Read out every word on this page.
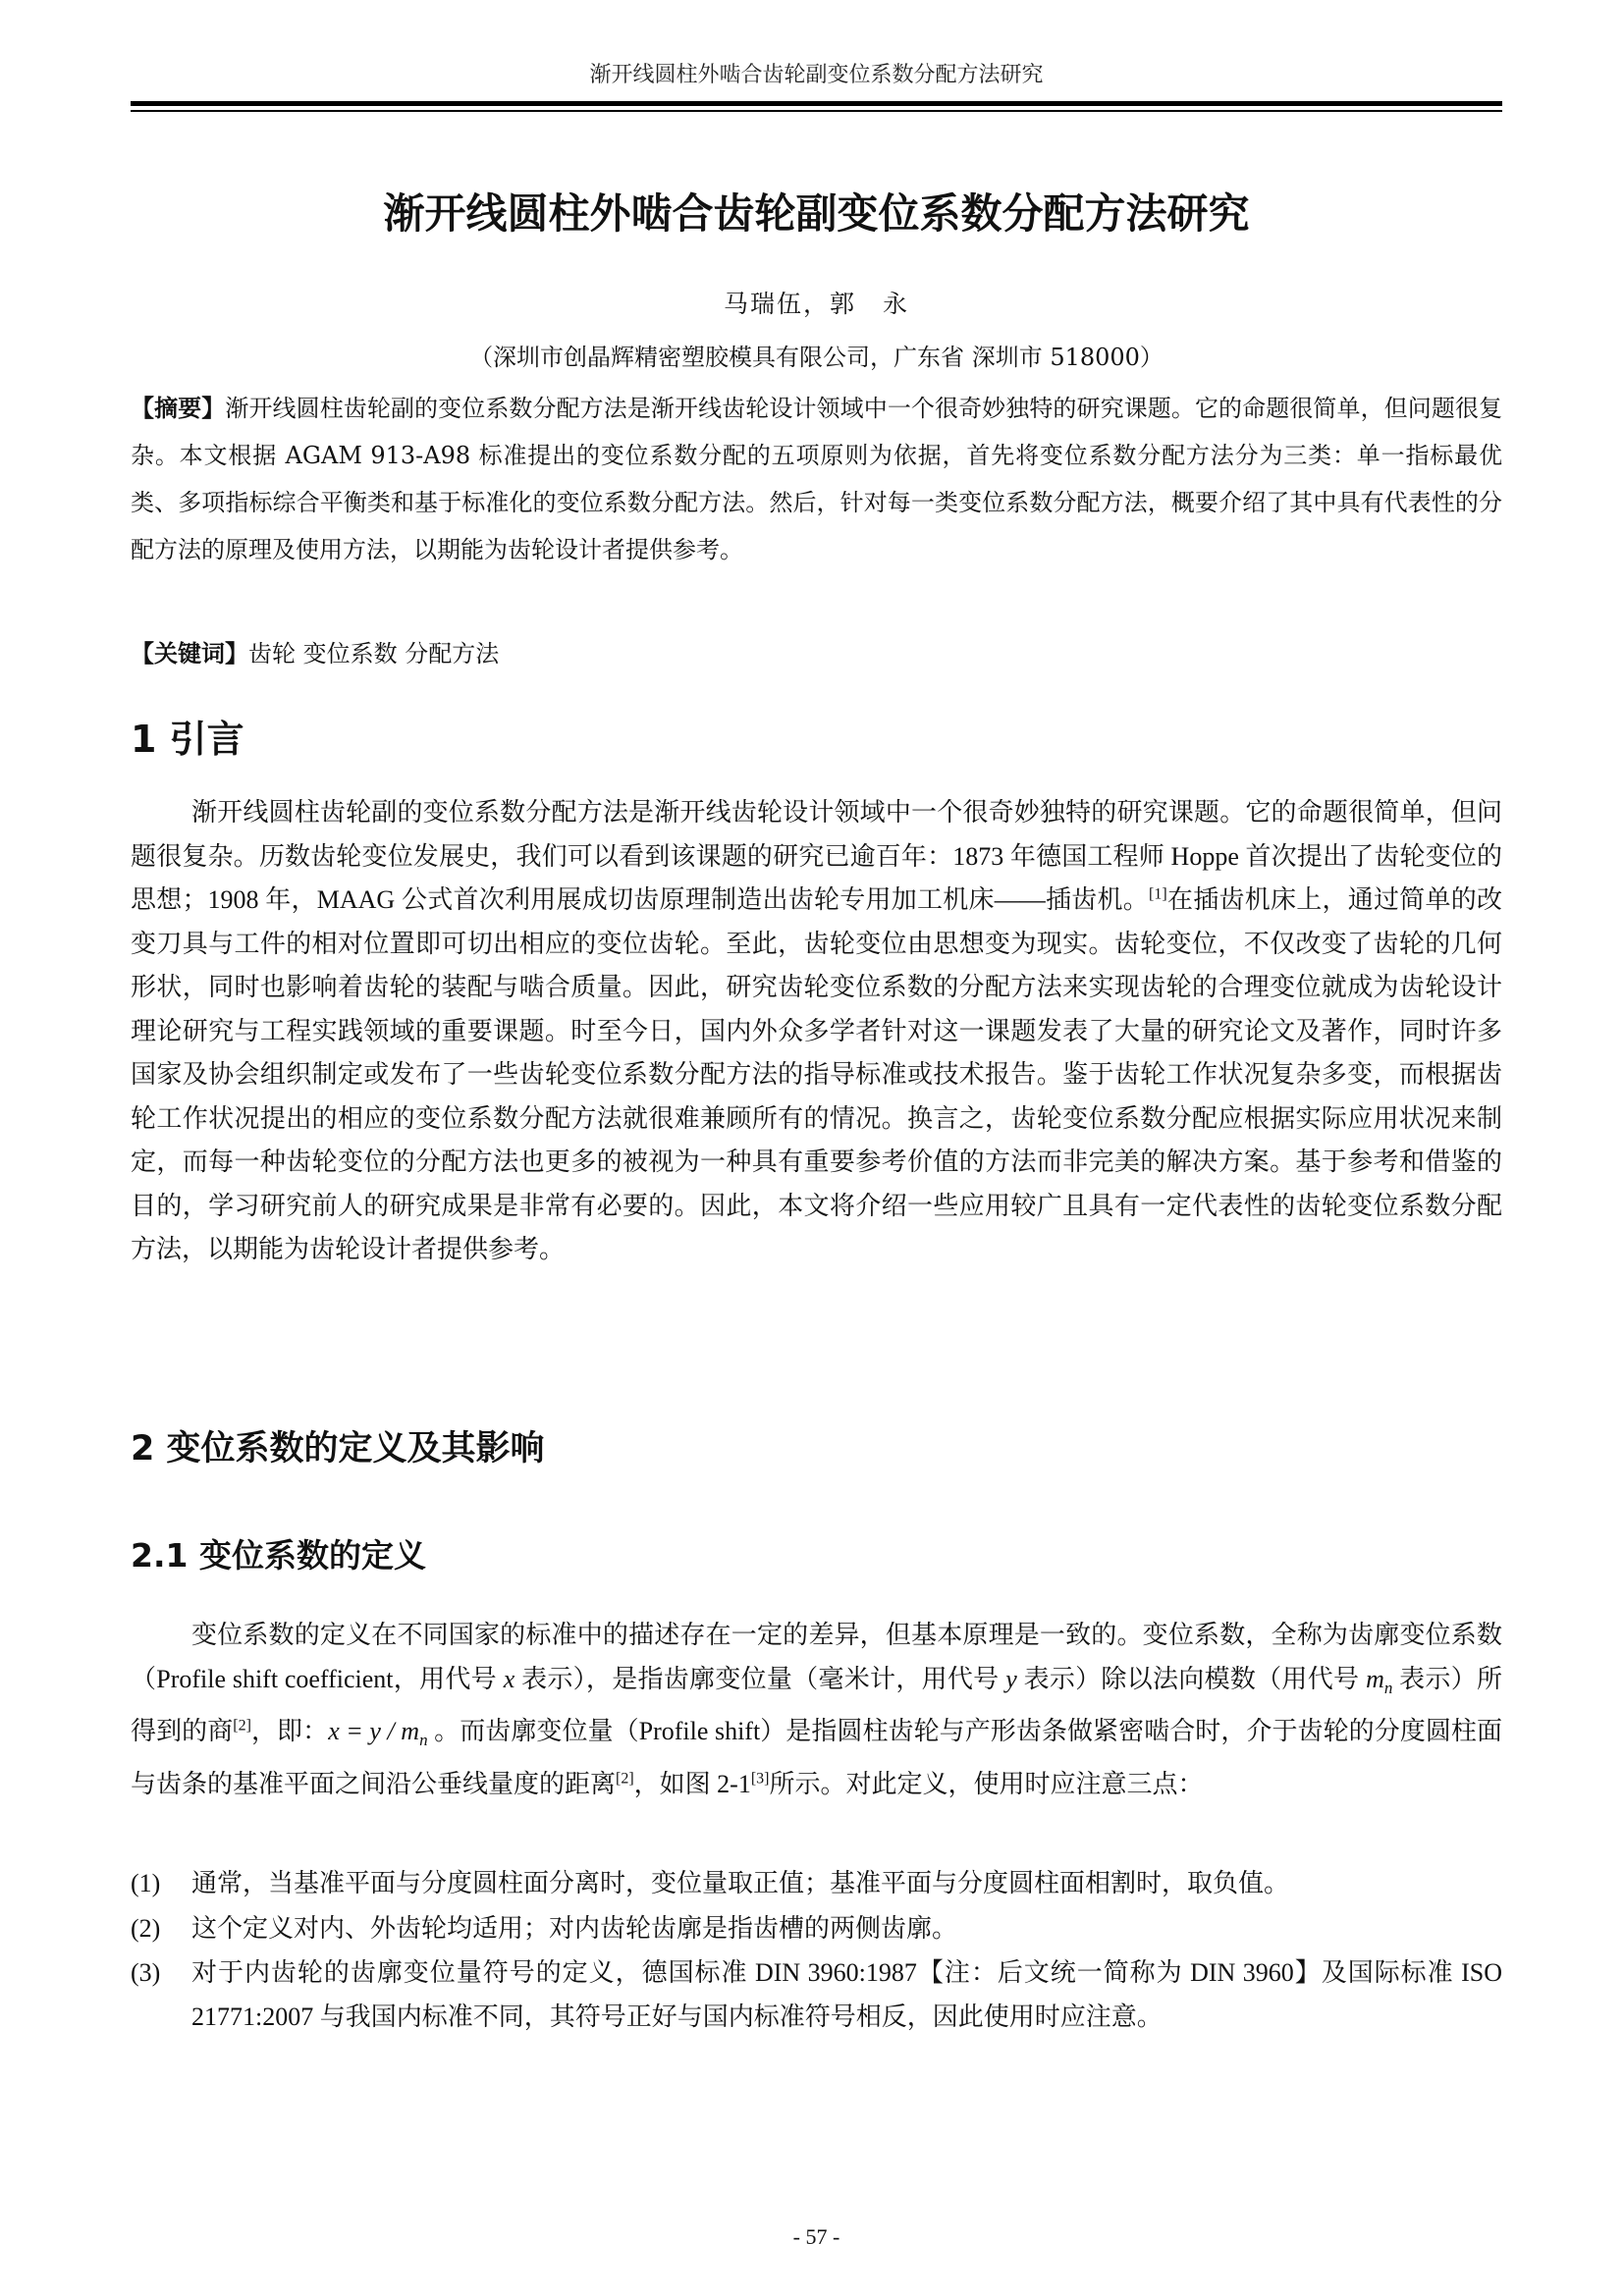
渐开线圆柱外啮合齿轮副变位系数分配方法研究
渐开线圆柱外啮合齿轮副变位系数分配方法研究
马瑞伍，郭　永
（深圳市创晶辉精密塑胶模具有限公司，广东省 深圳市 518000）

【摘要】渐开线圆柱齿轮副的变位系数分配方法是渐开线齿轮设计领域中一个很奇妙独特的研究课题。它的命题很简单，但问题很复杂。本文根据 AGAM 913-A98 标准提出的变位系数分配的五项原则为依据，首先将变位系数分配方法分为三类：单一指标最优类、多项指标综合平衡类和基于标准化的变位系数分配方法。然后，针对每一类变位系数分配方法，概要介绍了其中具有代表性的分配方法的原理及使用方法，以期能为齿轮设计者提供参考。

【关键词】齿轮 变位系数 分配方法

1 引言

渐开线圆柱齿轮副的变位系数分配方法是渐开线齿轮设计领域中一个很奇妙独特的研究课题。它的命题很简单，但问题很复杂。历数齿轮变位发展史，我们可以看到该课题的研究已逾百年：1873 年德国工程师 Hoppe 首次提出了齿轮变位的思想；1908 年，MAAG 公式首次利用展成切齿原理制造出齿轮专用加工机床——插齿机。[1]在插齿机床上，通过简单的改变刀具与工件的相对位置即可切出相应的变位齿轮。至此，齿轮变位由思想变为现实。齿轮变位，不仅改变了齿轮的几何形状，同时也影响着齿轮的装配与啮合质量。因此，研究齿轮变位系数的分配方法来实现齿轮的合理变位就成为齿轮设计理论研究与工程实践领域的重要课题。时至今日，国内外众多学者针对这一课题发表了大量的研究论文及著作，同时许多国家及协会组织制定或发布了一些齿轮变位系数分配方法的指导标准或技术报告。鉴于齿轮工作状况复杂多变，而根据齿轮工作状况提出的相应的变位系数分配方法就很难兼顾所有的情况。换言之，齿轮变位系数分配应根据实际应用状况来制定，而每一种齿轮变位的分配方法也更多的被视为一种具有重要参考价值的方法而非完美的解决方案。基于参考和借鉴的目的，学习研究前人的研究成果是非常有必要的。因此，本文将介绍一些应用较广且具有一定代表性的齿轮变位系数分配方法，以期能为齿轮设计者提供参考。

2 变位系数的定义及其影响
2.1 变位系数的定义

变位系数的定义在不同国家的标准中的描述存在一定的差异，但基本原理是一致的。变位系数，全称为齿廓变位系数（Profile shift coefficient，用代号 x 表示），是指齿廓变位量（毫米计，用代号 y 表示）除以法向模数（用代号 $m_n$ 表示）所得到的商[2]，即：$x = y / m_n$ 。而齿廓变位量（Profile shift）是指圆柱齿轮与产形齿条做紧密啮合时，介于齿轮的分度圆柱面与齿条的基准平面之间沿公垂线量度的距离[2]，如图 2-1[3]所示。对此定义，使用时应注意三点：

(1) 通常，当基准平面与分度圆柱面分离时，变位量取正值；基准平面与分度圆柱面相割时，取负值。
(2) 这个定义对内、外齿轮均适用；对内齿轮齿廓是指齿槽的两侧齿廓。
(3) 对于内齿轮的齿廓变位量符号的定义，德国标准 DIN 3960:1987【注：后文统一简称为 DIN 3960】及国际标准 ISO 21771:2007 与我国内标准不同，其符号正好与国内标准符号相反，因此使用时应注意。
- 57 -
